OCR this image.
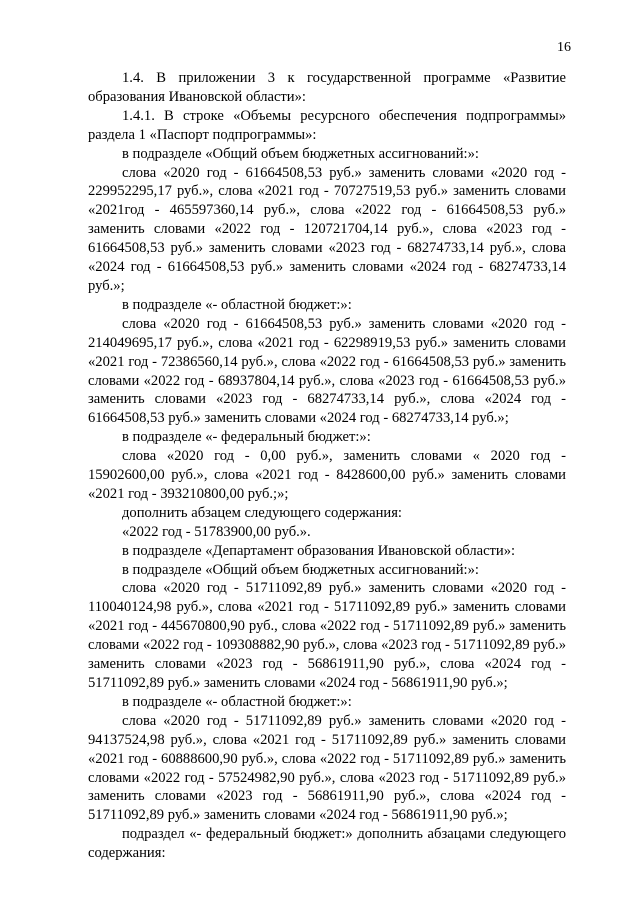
16

1.4. В приложении 3 к государственной программе «Развитие образования Ивановской области»:

1.4.1. В строке «Объемы ресурсного обеспечения подпрограммы» раздела 1 «Паспорт подпрограммы»:

в подразделе «Общий объем бюджетных ассигнований:»:

слова «2020 год - 61664508,53 руб.» заменить словами «2020 год - 229952295,17 руб.», слова «2021 год - 70727519,53 руб.» заменить словами «2021год - 465597360,14 руб.», слова «2022 год - 61664508,53 руб.» заменить словами «2022 год - 120721704,14 руб.», слова «2023 год - 61664508,53 руб.» заменить словами «2023 год - 68274733,14 руб.», слова «2024 год - 61664508,53 руб.» заменить словами «2024 год - 68274733,14 руб.»;

в подразделе «- областной бюджет:»:

слова «2020 год - 61664508,53 руб.» заменить словами «2020 год - 214049695,17 руб.», слова «2021 год - 62298919,53 руб.» заменить словами «2021 год - 72386560,14 руб.», слова «2022 год - 61664508,53 руб.» заменить словами «2022 год - 68937804,14 руб.», слова «2023 год - 61664508,53 руб.» заменить словами «2023 год - 68274733,14 руб.», слова «2024 год - 61664508,53 руб.» заменить словами «2024 год - 68274733,14 руб.»;

в подразделе «- федеральный бюджет:»:

слова «2020 год - 0,00 руб.», заменить словами « 2020 год - 15902600,00 руб.», слова «2021 год - 8428600,00 руб.» заменить словами «2021 год - 393210800,00 руб.;»;

дополнить абзацем следующего содержания:

«2022 год - 51783900,00 руб.».

в подразделе «Департамент образования Ивановской области»:

в подразделе «Общий объем бюджетных ассигнований:»:

слова «2020 год - 51711092,89 руб.» заменить словами «2020 год - 110040124,98 руб.», слова «2021 год - 51711092,89 руб.» заменить словами «2021 год - 445670800,90 руб., слова «2022 год - 51711092,89 руб.» заменить словами «2022 год - 109308882,90 руб.», слова «2023 год - 51711092,89 руб.» заменить словами «2023 год - 56861911,90 руб.», слова «2024 год - 51711092,89 руб.» заменить словами «2024 год - 56861911,90 руб.»;

в подразделе «- областной бюджет:»:

слова «2020 год - 51711092,89 руб.» заменить словами «2020 год - 94137524,98 руб.», слова «2021 год - 51711092,89 руб.» заменить словами «2021 год - 60888600,90 руб.», слова «2022 год - 51711092,89 руб.» заменить словами «2022 год - 57524982,90 руб.», слова «2023 год - 51711092,89 руб.» заменить словами «2023 год - 56861911,90 руб.», слова «2024 год - 51711092,89 руб.» заменить словами «2024 год - 56861911,90 руб.»;

подраздел «- федеральный бюджет:» дополнить абзацами следующего содержания:
